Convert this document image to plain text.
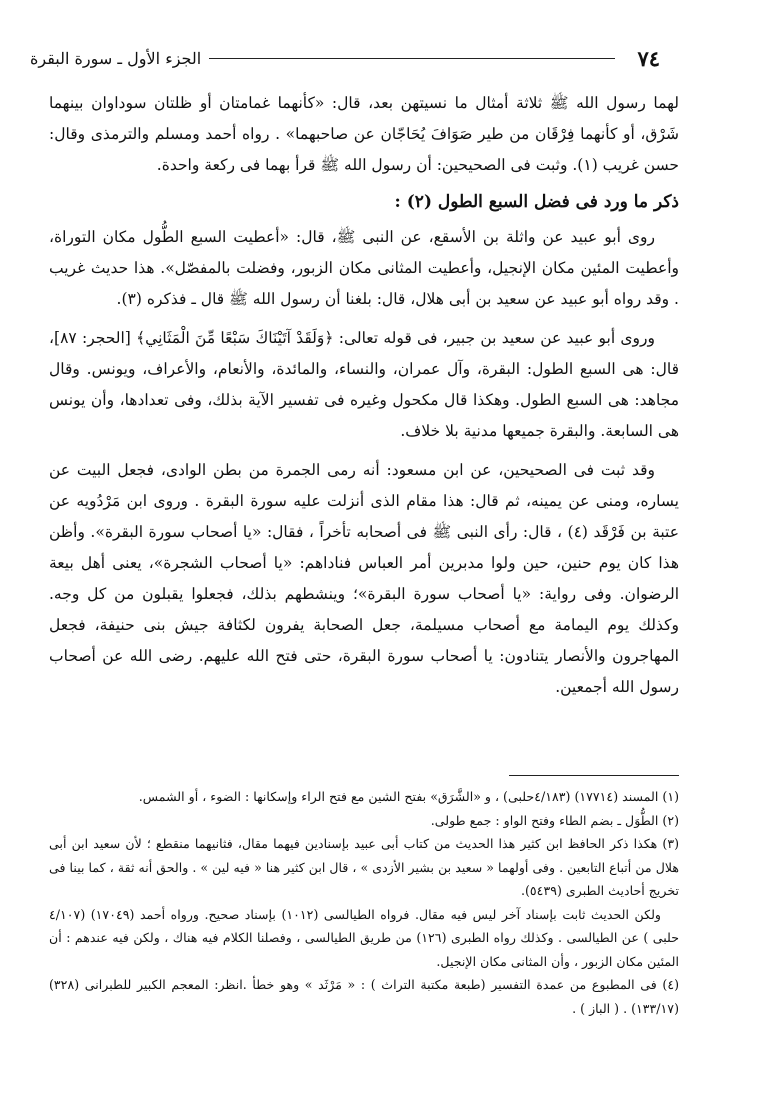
٧٤
الجزء الأول ـ سورة البقرة

لهما رسول الله ﷺ ثلاثة أمثال ما نسيتهن بعد، قال: «كأنهما غمامتان أو ظلتان سوداوان بينهما شَرْق، أو كأنهما فِرْقَان من طير صَوَافَ يُحَاجّان عن صاحبهما» . رواه أحمد ومسلم والترمذى وقال: حسن غريب (١). وثبت فى الصحيحين: أن رسول الله ﷺ قرأ بهما فى ركعة واحدة.

ذكر ما ورد فى فضل السبع الطول (٢) :

روى أبو عبيد عن واثلة بن الأسقع، عن النبى ﷺ، قال: «أعطيت السبع الطُّول مكان التوراة، وأعطيت المئين مكان الإنجيل، وأعطيت المثانى مكان الزبور، وفضلت بالمفصّل». هذا حديث غريب . وقد رواه أبو عبيد عن سعيد بن أبى هلال، قال: بلغنا أن رسول الله ﷺ قال ـ فذكره (٣).

وروى أبو عبيد عن سعيد بن جبير، فى قوله تعالى: ﴿وَلَقَدْ آتَيْنَاكَ سَبْعًا مِّنَ الْمَثَانِي﴾ [الحجر: ٨٧]، قال: هى السبع الطول: البقرة، وآل عمران، والنساء، والمائدة، والأنعام، والأعراف، ويونس. وقال مجاهد: هى السبع الطول. وهكذا قال مكحول وغيره فى تفسير الآية بذلك، وفى تعدادها، وأن يونس هى السابعة. والبقرة جميعها مدنية بلا خلاف.

وقد ثبت فى الصحيحين، عن ابن مسعود: أنه رمى الجمرة من بطن الوادى، فجعل البيت عن يساره، ومنى عن يمينه، ثم قال: هذا مقام الذى أنزلت عليه سورة البقرة . وروى ابن مَرْدُويه عن عتبة بن فَرْقَد (٤) ، قال: رأى النبى ﷺ فى أصحابه تأخراً ، فقال: «يا أصحاب سورة البقرة». وأظن هذا كان يوم حنين، حين ولوا مدبرين أمر العباس فناداهم: «يا أصحاب الشجرة»، يعنى أهل بيعة الرضوان. وفى رواية: «يا أصحاب سورة البقرة»؛ وينشطهم بذلك، فجعلوا يقبلون من كل وجه. وكذلك يوم اليمامة مع أصحاب مسيلمة، جعل الصحابة يفرون لكثافة جيش بنى حنيفة، فجعل المهاجرون والأنصار يتنادون: يا أصحاب سورة البقرة، حتى فتح الله عليهم. رضى الله عن أصحاب رسول الله أجمعين.

(١) المسند (١٧٧١٤) (٤/١٨٣حلبى) ، و «الشَّرَق» بفتح الشين مع فتح الراء وإسكانها : الضوء ، أو الشمس.

(٢) الطُّوَل ـ بضم الطاء وفتح الواو : جمع طولى.

(٣) هكذا ذكر الحافظ ابن كثير هذا الحديث من كتاب أبى عبيد بإسنادين فيهما مقال، فثانيهما منقطع ؛ لأن سعيد ابن أبى هلال من أتباع التابعين . وفى أولهما « سعيد بن بشير الأزدى » ، قال ابن كثير هنا « فيه لين » . والحق أنه ثقة ، كما بينا فى تخريج أحاديث الطبرى (٥٤٣٩).

ولكن الحديث ثابت بإسناد آخر ليس فيه مقال. فرواه الطيالسى (١٠١٢) بإسناد صحيح. ورواه أحمد (١٧٠٤٩) (٤/١٠٧ حلبى ) عن الطيالسى . وكذلك رواه الطبرى (١٢٦) من طريق الطيالسى ، وفصلنا الكلام فيه هناك ، ولكن فيه عندهم : أن المئين مكان الزبور ، وأن المثانى مكان الإنجيل.

(٤) فى المطبوع من عمدة التفسير (طبعة مكتبة التراث ) : « مَرْثَد » وهو خطأ .انظر: المعجم الكبير للطبرانى (٣٢٨) (١٣٣/١٧) . ( الباز ) .
